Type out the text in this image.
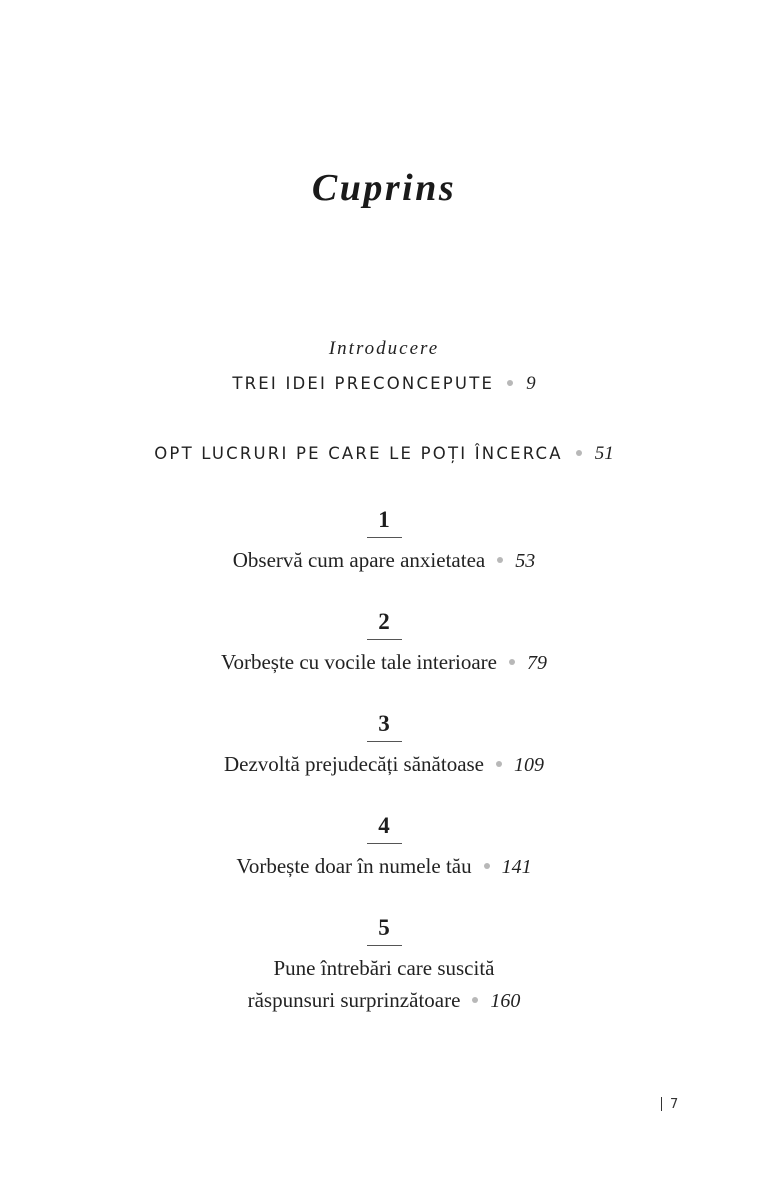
Cuprins
Introducere
TREI IDEI PRECONCEPUTE 9
OPT LUCRURI PE CARE LE POȚI ÎNCERCA 51
1
Observă cum apare anxietatea 53
2
Vorbește cu vocile tale interioare 79
3
Dezvoltă prejudecăți sănătoase 109
4
Vorbește doar în numele tău 141
5
Pune întrebări care suscită
răspunsuri surprinzătoare 160
7
